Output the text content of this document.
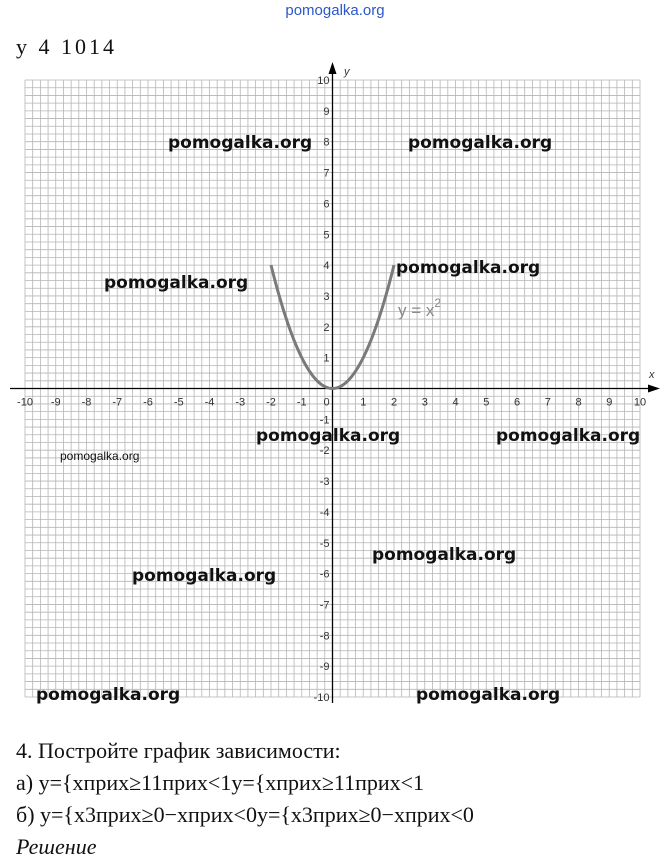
pomogalka.org
у 4 1014
-10 -9 -8 -7 -6 -5 -4 -3 -2 -1 0	1 2 3 4 5 6 7 8 9 10
-10
-9
-8
-7
-6
-5
-4
-3
-2
-1
1
2
3
4
5
6
7
8
9
10
$y = x^2$
y
x
pomogalka.org	pomogalka.org
pomogalka.org
pomogalka.org
pomogalka.org	pomogalka.org
pomogalka.org
pomogalka.org
pomogalka.org
pomogalka.org	pomogalka.org
4. Постройте график зависимости:
а) y={xприx≥11приx<1y={xприx≥11приx<1
б) y={x3приx≥0−xприx<0y={x3приx≥0−xприx<0
Решение
